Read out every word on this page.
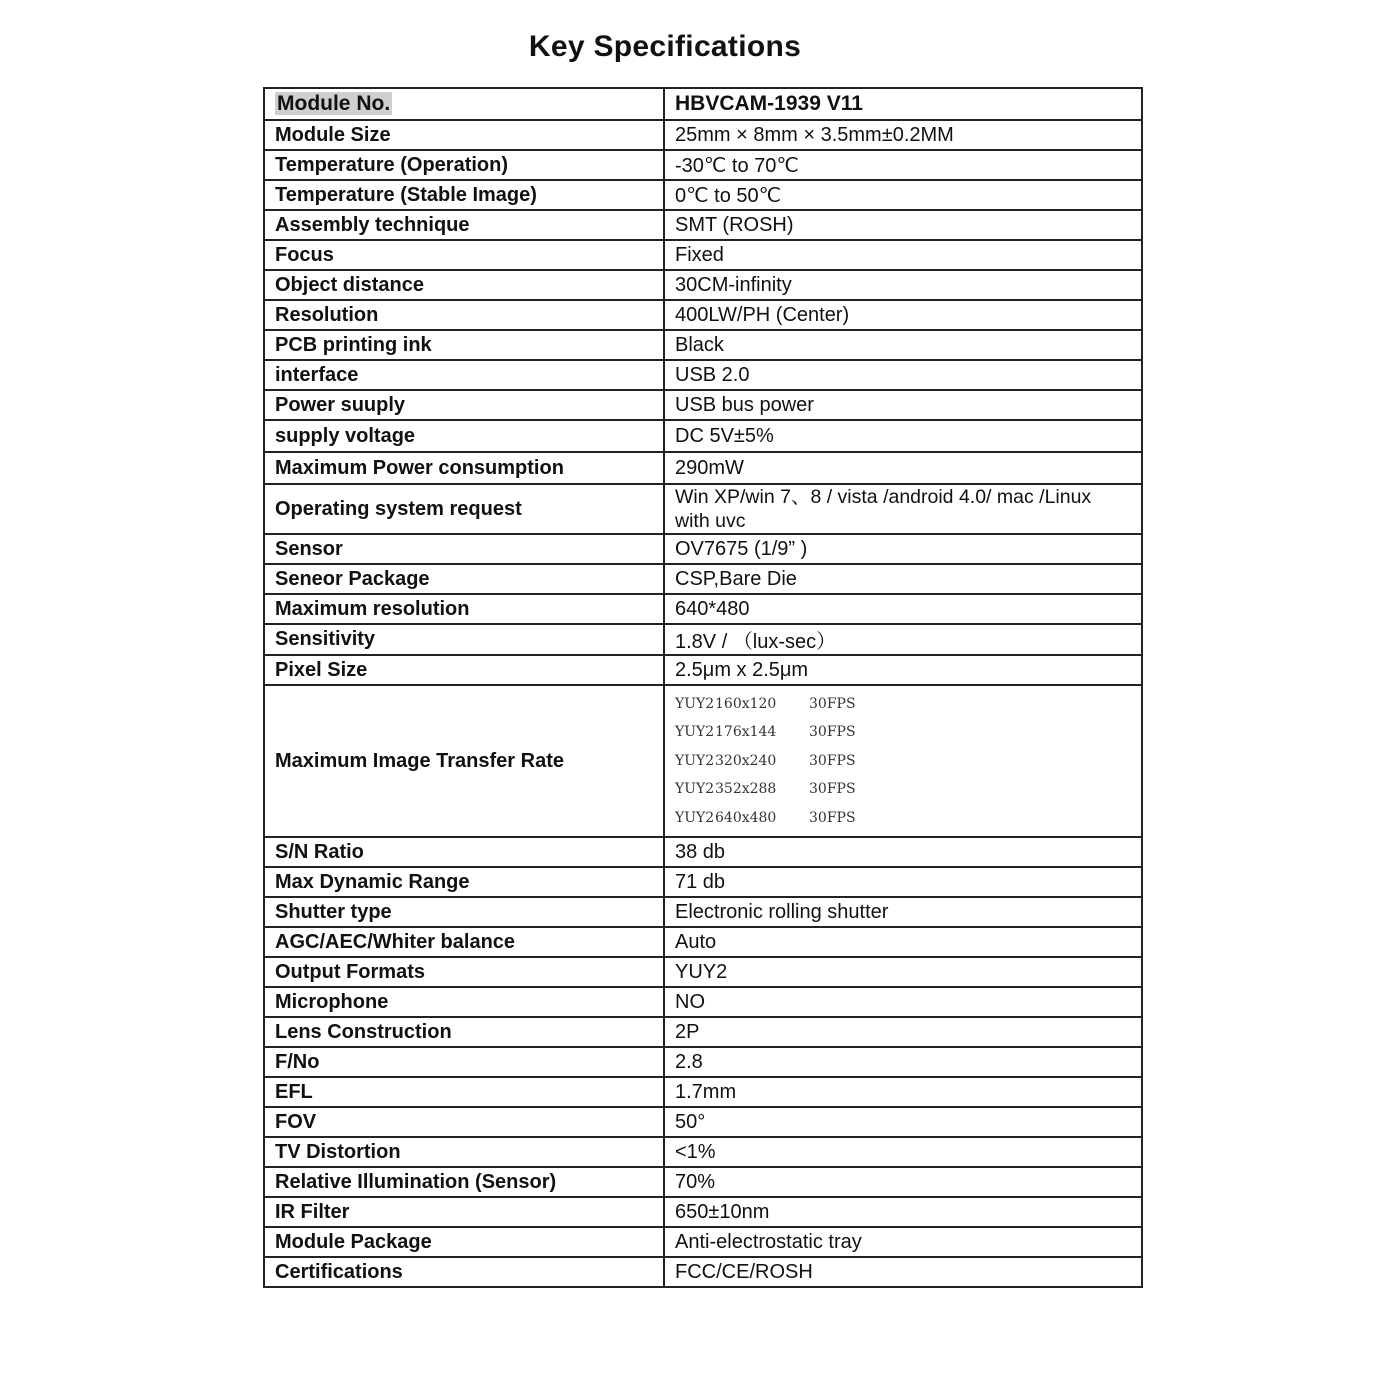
Key Specifications
Module No.	HBVCAM-1939 V11
Module Size	25mm × 8mm × 3.5mm±0.2MM
Temperature (Operation)	-30℃ to 70℃
Temperature (Stable Image)	0℃ to 50℃
Assembly technique	SMT (ROSH)
Focus	Fixed
Object distance	30CM-infinity
Resolution	400LW/PH (Center)
PCB printing ink	Black
interface	USB 2.0
Power suuply	USB bus power
supply voltage	DC 5V±5%
Maximum Power consumption	290mW
Operating system request	Win XP/win 7、8 / vista /android 4.0/ mac /Linux with uvc
Sensor	OV7675 (1/9” )
Seneor Package	CSP,Bare Die
Maximum resolution	640*480
Sensitivity	1.8V / （lux-sec）
Pixel Size	2.5μm x 2.5μm
Maximum Image Transfer Rate	YUY2160x120 30FPS
YUY2176x144 30FPS
YUY2320x240 30FPS
YUY2352x288 30FPS
YUY2640x480 30FPS

S/N Ratio	38 db
Max Dynamic Range	71 db
Shutter type	Electronic rolling shutter
AGC/AEC/Whiter balance	Auto
Output Formats	YUY2
Microphone	NO
Lens Construction	2P
F/No	2.8
EFL	1.7mm
FOV	50°
TV Distortion	<1%
Relative Illumination (Sensor)	70%
IR Filter	650±10nm
Module Package	Anti-electrostatic tray
Certifications	FCC/CE/ROSH
